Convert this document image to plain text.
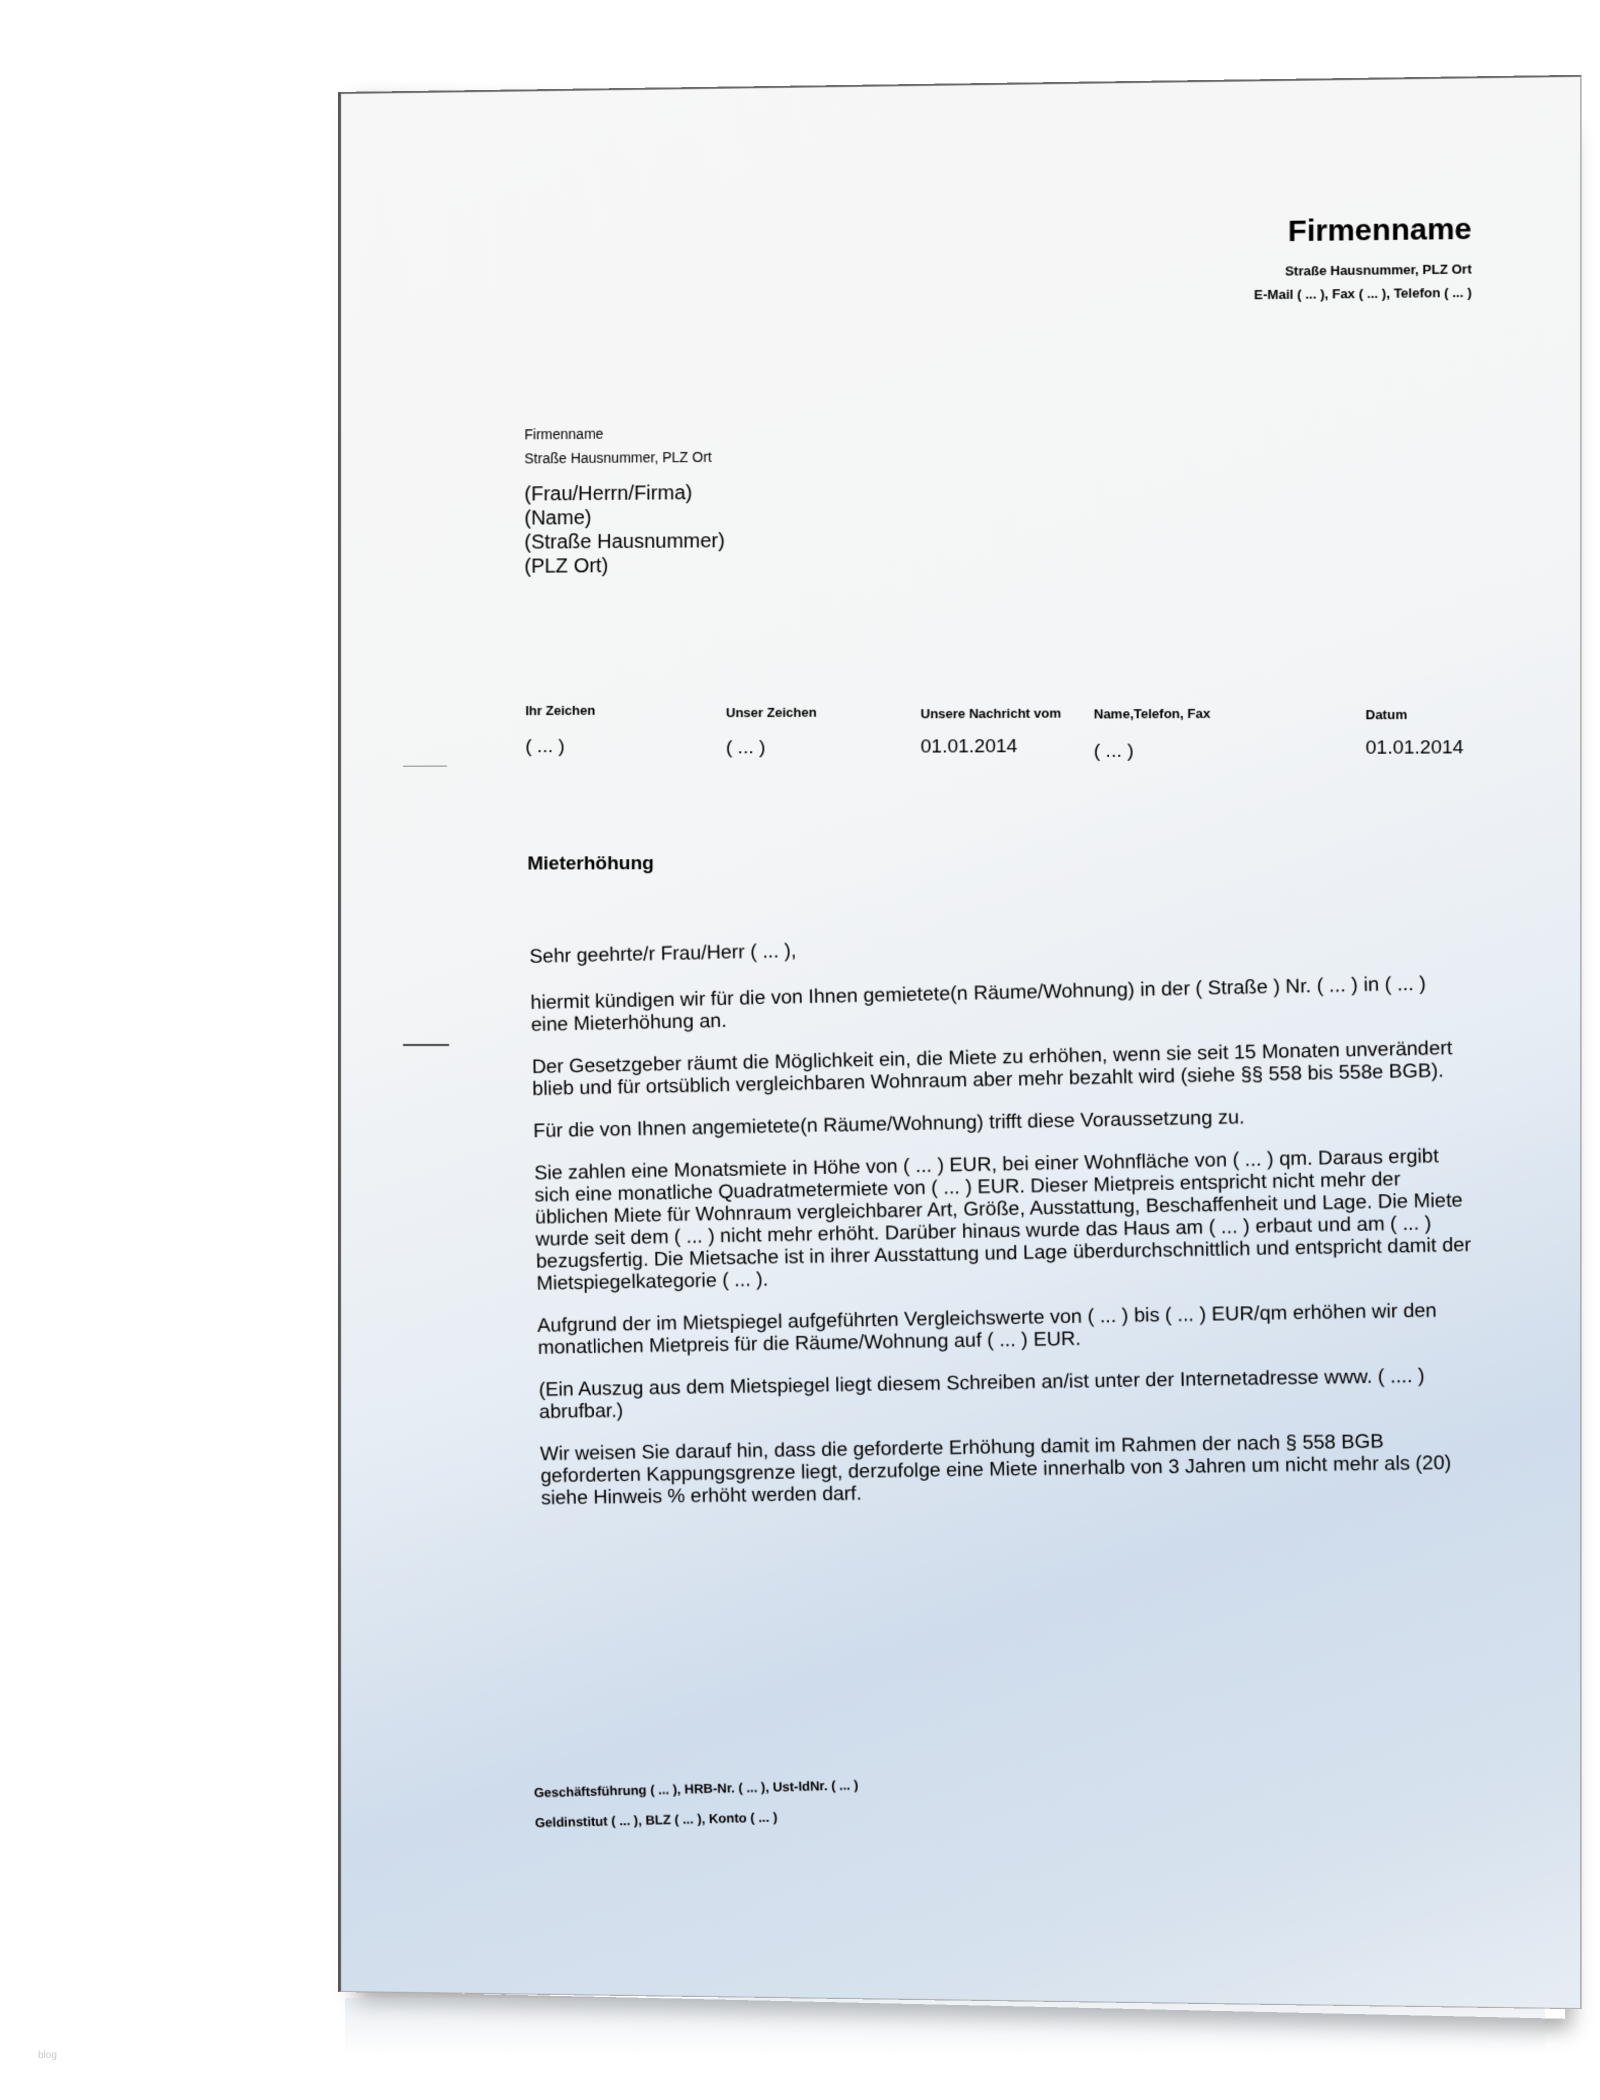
Firmenname
Straße Hausnummer, PLZ Ort
E-Mail ( ... ), Fax ( ... ), Telefon ( ... )
Firmenname
Straße Hausnummer, PLZ Ort
(Frau/Herrn/Firma)
(Name)
(Straße Hausnummer)
(PLZ Ort)
Ihr Zeichen
( ... )
Unser Zeichen
( ... )
Unsere Nachricht vom
01.01.2014
Name,Telefon, Fax
( ... )
Datum
01.01.2014
Mieterhöhung

Sehr geehrte/r Frau/Herr ( ... ),

hiermit kündigen wir für die von Ihnen gemietete(n Räume/Wohnung) in der ( Straße ) Nr. ( ... ) in ( ... ) eine Mieterhöhung an.

Der Gesetzgeber räumt die Möglichkeit ein, die Miete zu erhöhen, wenn sie seit 15 Monaten unverändert blieb und für ortsüblich vergleichbaren Wohnraum aber mehr bezahlt wird (siehe §§ 558 bis 558e BGB).

Für die von Ihnen angemietete(n Räume/Wohnung) trifft diese Voraussetzung zu.

Sie zahlen eine Monatsmiete in Höhe von ( ... ) EUR, bei einer Wohnfläche von ( ... ) qm. Daraus ergibt sich eine monatliche Quadratmetermiete von ( ... ) EUR. Dieser Mietpreis entspricht nicht mehr der üblichen Miete für Wohnraum vergleichbarer Art, Größe, Ausstattung, Beschaffenheit und Lage. Die Miete wurde seit dem ( ... ) nicht mehr erhöht. Darüber hinaus wurde das Haus am ( ... ) erbaut und am ( ... ) bezugsfertig. Die Mietsache ist in ihrer Ausstattung und Lage überdurchschnittlich und entspricht damit der Mietspiegelkategorie ( ... ).

Aufgrund der im Mietspiegel aufgeführten Vergleichswerte von ( ... ) bis ( ... ) EUR/qm erhöhen wir den monatlichen Mietpreis für die Räume/Wohnung auf ( ... ) EUR.

(Ein Auszug aus dem Mietspiegel liegt diesem Schreiben an/ist unter der Internetadresse www. ( .... ) abrufbar.)

Wir weisen Sie darauf hin, dass die geforderte Erhöhung damit im Rahmen der nach § 558 BGB geforderten Kappungsgrenze liegt, derzufolge eine Miete innerhalb von 3 Jahren um nicht mehr als (20) siehe Hinweis % erhöht werden darf.

Geschäftsführung ( ... ), HRB-Nr. ( ... ), Ust-IdNr. ( ... )
Geldinstitut ( ... ), BLZ ( ... ), Konto ( ... )
blog
